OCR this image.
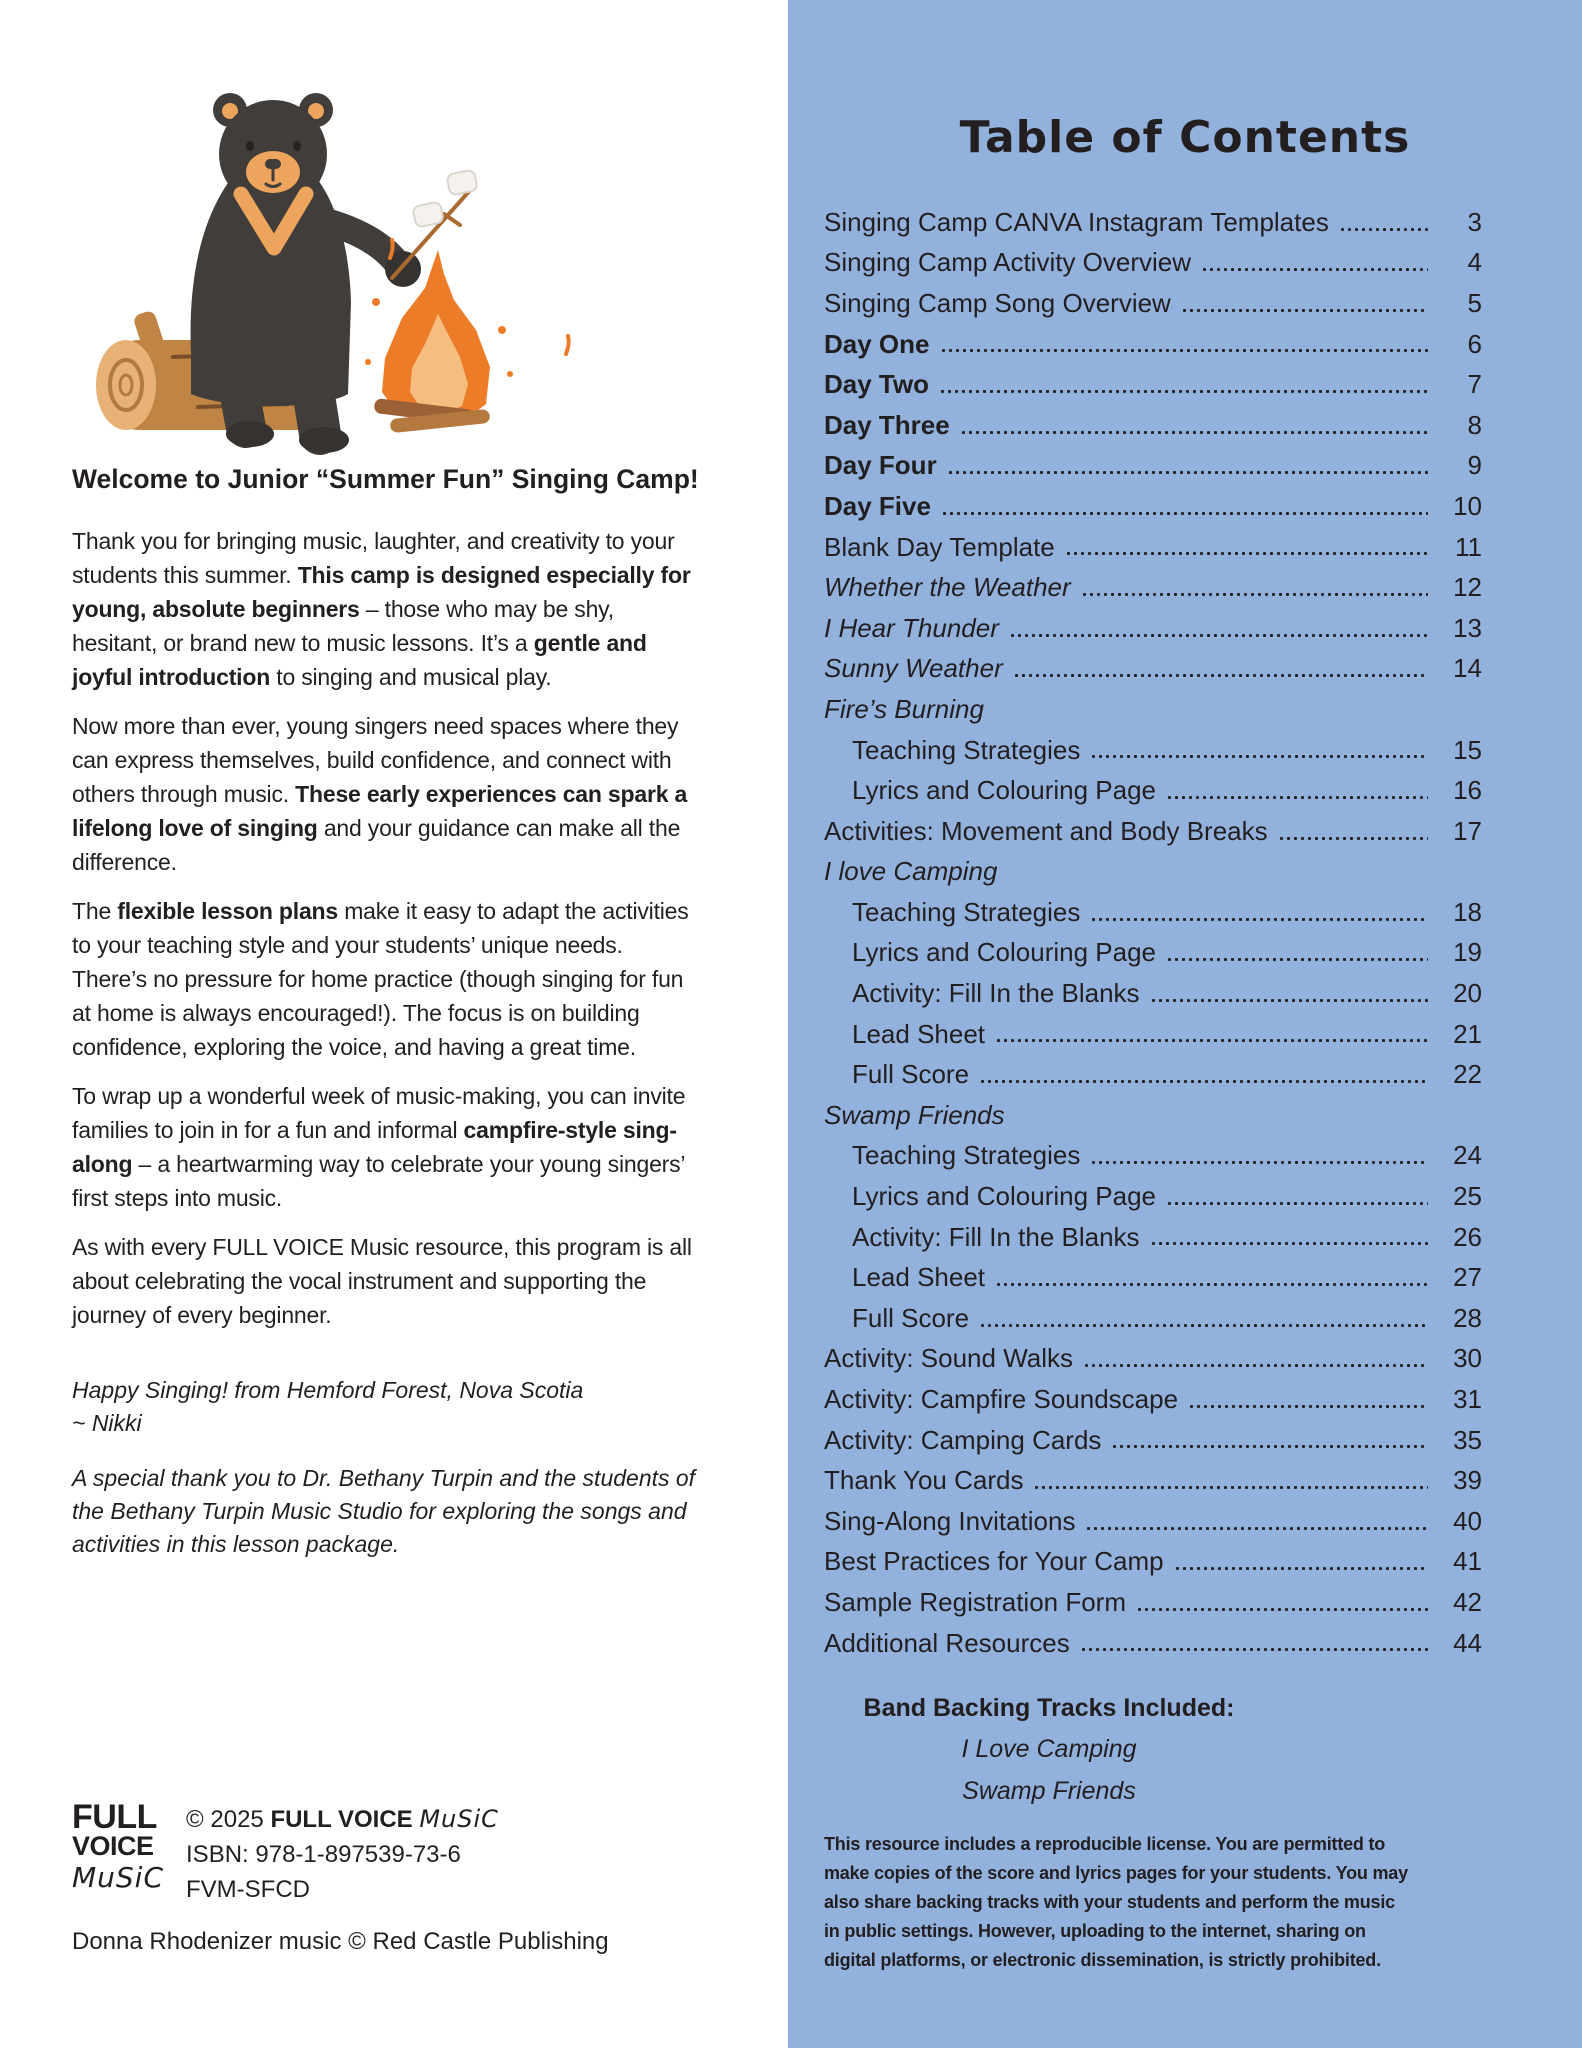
Welcome to Junior “Summer Fun” Singing Camp!

Thank you for bringing music, laughter, and creativity to your students this summer. This camp is designed especially for young, absolute beginners – those who may be shy, hesitant, or brand new to music lessons. It’s a gentle and joyful introduction to singing and musical play.

Now more than ever, young singers need spaces where they can express themselves, build confidence, and connect with others through music. These early experiences can spark a lifelong love of singing and your guidance can make all the difference.

The flexible lesson plans make it easy to adapt the activities to your teaching style and your students’ unique needs. There’s no pressure for home practice (though singing for fun at home is always encouraged!). The focus is on building confidence, exploring the voice, and having a great time.

To wrap up a wonderful week of music-making, you can invite families to join in for a fun and informal campfire-style sing-along – a heartwarming way to celebrate your young singers’ first steps into music.

As with every FULL VOICE Music resource, this program is all about celebrating the vocal instrument and supporting the journey of every beginner.

Happy Singing! from Hemford Forest, Nova Scotia
~ Nikki
A special thank you to Dr. Bethany Turpin and the students of the Bethany Turpin Music Studio for exploring the songs and activities in this lesson package.
FULL
VOICE
MuSiC
© 2025 FULL VOICE MuSiC
ISBN: 978-1-897539-73-6
FVM-SFCD
Donna Rhodenizer music © Red Castle Publishing
Table of Contents
Singing Camp CANVA Instagram Templates	3
Singing Camp Activity Overview	4
Singing Camp Song Overview	5
Day One	6
Day Two	7
Day Three	8
Day Four	9
Day Five	10
Blank Day Template	11
Whether the Weather	12
I Hear Thunder	13
Sunny Weather	14
Fire’s Burning
Teaching Strategies	15
Lyrics and Colouring Page	16
Activities: Movement and Body Breaks	17
I love Camping
Teaching Strategies	18
Lyrics and Colouring Page	19
Activity: Fill In the Blanks	20
Lead Sheet	21
Full Score	22
Swamp Friends
Teaching Strategies	24
Lyrics and Colouring Page	25
Activity: Fill In the Blanks	26
Lead Sheet	27
Full Score	28
Activity: Sound Walks	30
Activity: Campfire Soundscape	31
Activity: Camping Cards	35
Thank You Cards	39
Sing-Along Invitations	40
Best Practices for Your Camp	41
Sample Registration Form	42
Additional Resources	44
Band Backing Tracks Included:
I Love Camping
Swamp Friends
This resource includes a reproducible license. You are permitted to make copies of the score and lyrics pages for your students. You may also share backing tracks with your students and perform the music in public settings. However, uploading to the internet, sharing on digital platforms, or electronic dissemination, is strictly prohibited.
